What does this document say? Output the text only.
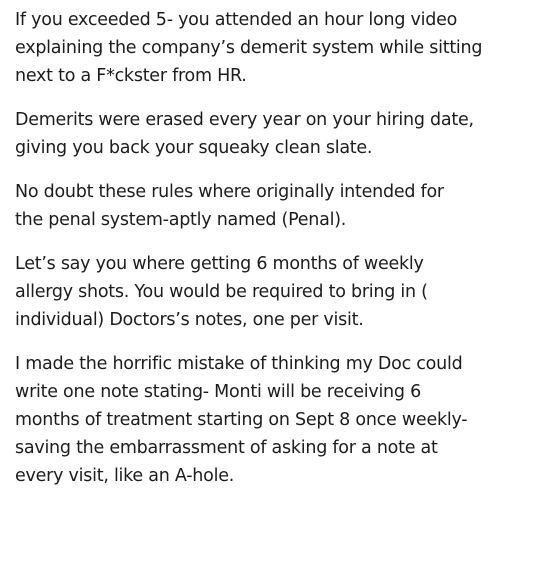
If you exceeded 5- you attended an hour long video
explaining the company’s demerit system while sitting
next to a F*ckster from HR.

Demerits were erased every year on your hiring date,
giving you back your squeaky clean slate.

No doubt these rules where originally intended for
the penal system-aptly named (Penal).

Let’s say you where getting 6 months of weekly
allergy shots. You would be required to bring in (
individual) Doctors’s notes, one per visit.

I made the horrific mistake of thinking my Doc could
write one note stating- Monti will be receiving 6
months of treatment starting on Sept 8 once weekly-
saving the embarrassment of asking for a note at
every visit, like an A-hole.
